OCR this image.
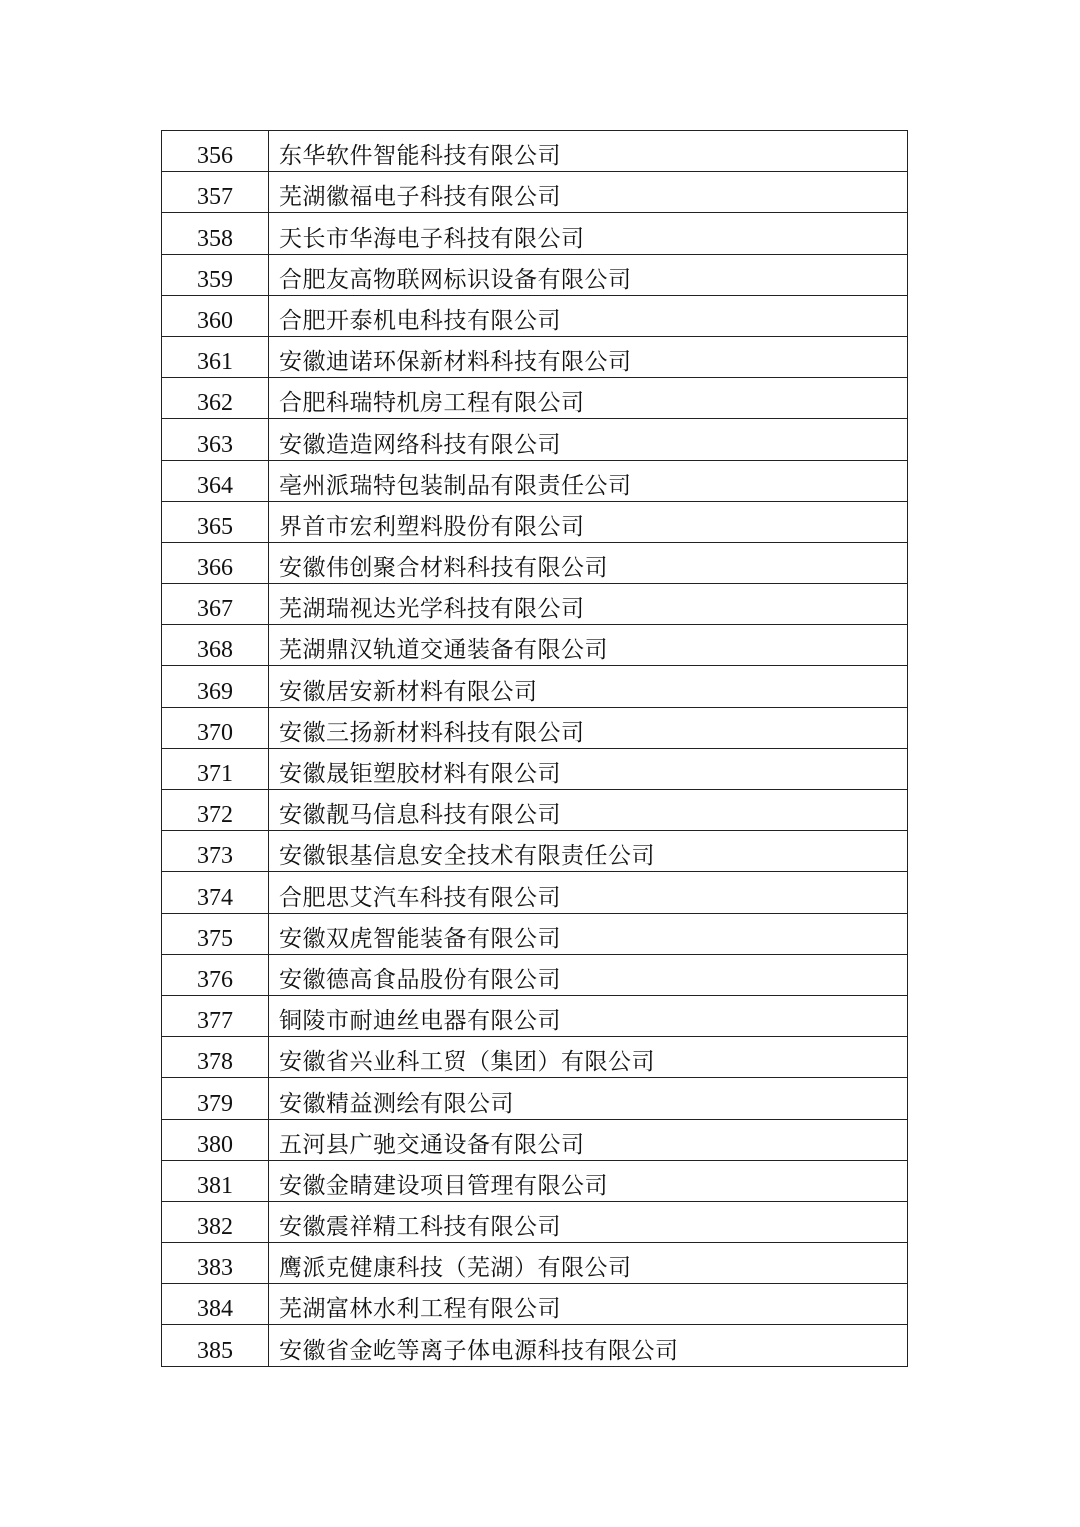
356	东华软件智能科技有限公司
357	芜湖徽福电子科技有限公司
358	天长市华海电子科技有限公司
359	合肥友高物联网标识设备有限公司
360	合肥开泰机电科技有限公司
361	安徽迪诺环保新材料科技有限公司
362	合肥科瑞特机房工程有限公司
363	安徽造造网络科技有限公司
364	亳州派瑞特包装制品有限责任公司
365	界首市宏利塑料股份有限公司
366	安徽伟创聚合材料科技有限公司
367	芜湖瑞视达光学科技有限公司
368	芜湖鼎汉轨道交通装备有限公司
369	安徽居安新材料有限公司
370	安徽三扬新材料科技有限公司
371	安徽晟钜塑胶材料有限公司
372	安徽靓马信息科技有限公司
373	安徽银基信息安全技术有限责任公司
374	合肥思艾汽车科技有限公司
375	安徽双虎智能装备有限公司
376	安徽德高食品股份有限公司
377	铜陵市耐迪丝电器有限公司
378	安徽省兴业科工贸（集团）有限公司
379	安徽精益测绘有限公司
380	五河县广驰交通设备有限公司
381	安徽金睛建设项目管理有限公司
382	安徽震祥精工科技有限公司
383	鹰派克健康科技（芜湖）有限公司
384	芜湖富林水利工程有限公司
385	安徽省金屹等离子体电源科技有限公司
